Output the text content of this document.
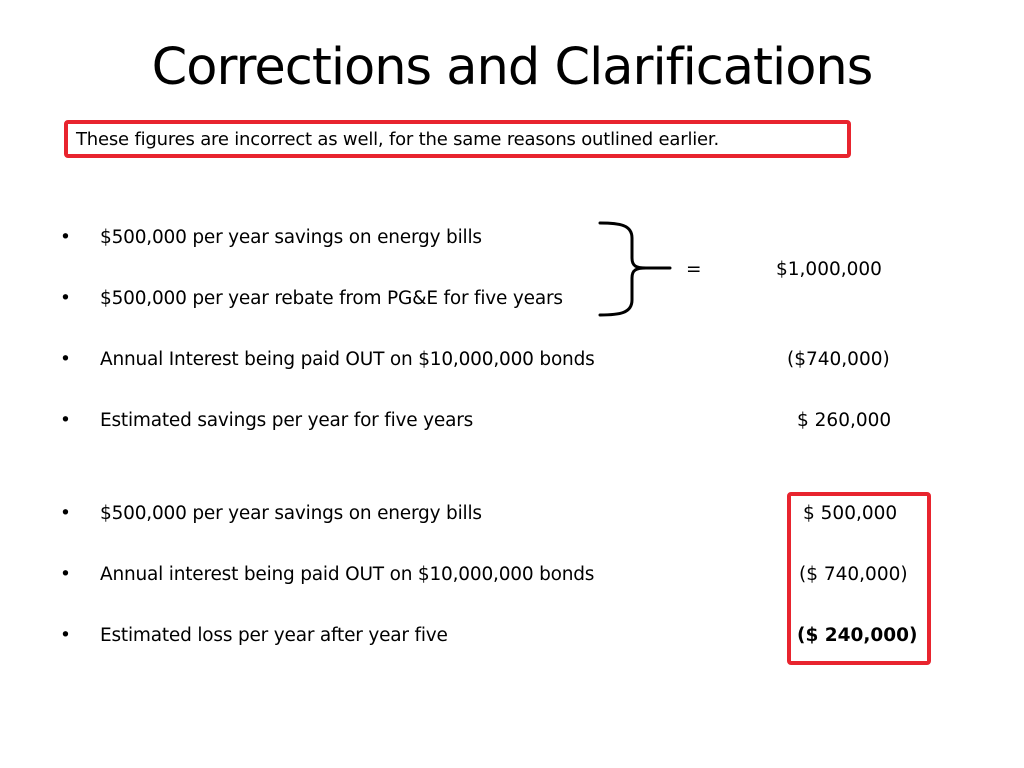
Corrections and Clarifications
These figures are incorrect as well, for the same reasons outlined earlier.
• $500,000 per year savings on energy bills
• $500,000 per year rebate from PG&E for five years
=	$1,000,000
• Annual Interest being paid OUT on $10,000,000 bonds	($740,000)
• Estimated savings per year for five years	$ 260,000
• $500,000 per year savings on energy bills	$ 500,000
• Annual interest being paid OUT on $10,000,000 bonds	($ 740,000)
• Estimated loss per year after year five	($ 240,000)
